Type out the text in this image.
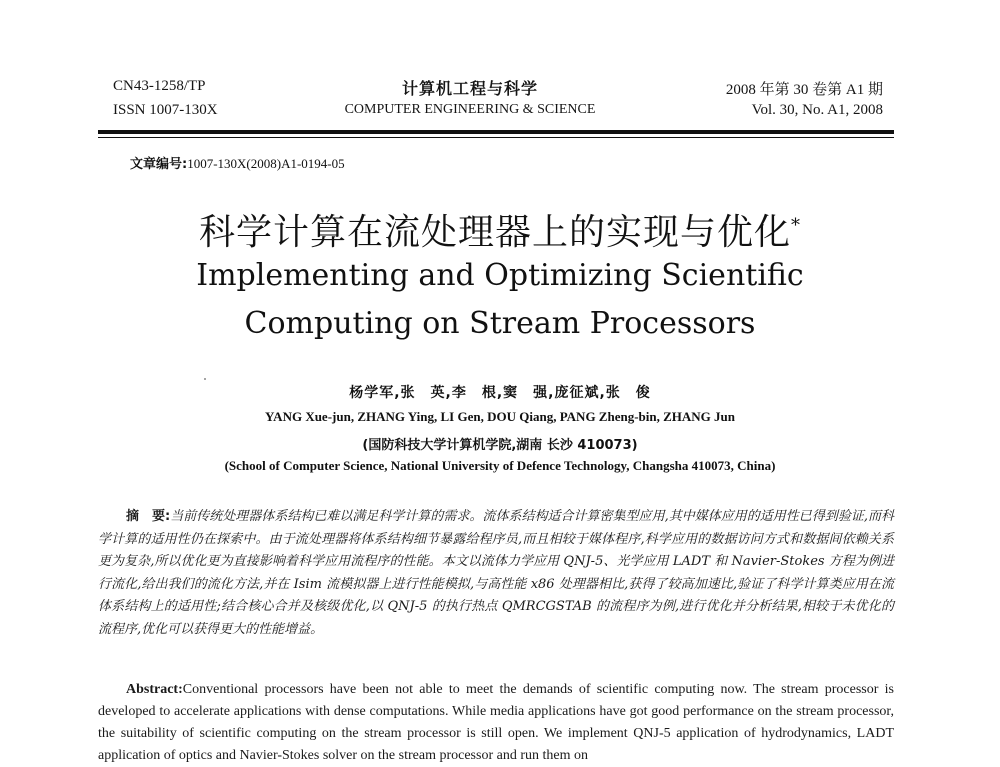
CN43-1258/TP
ISSN 1007-130X
计算机工程与科学
COMPUTER ENGINEERING & SCIENCE
2008 年第 30 卷第 A1 期
Vol. 30, No. A1, 2008
文章编号:1007-130X(2008)A1-0194-05
科学计算在流处理器上的实现与优化*
Implementing and Optimizing Scientific
Computing on Stream Processors
杨学军,张　英,李　根,窦　强,庞征斌,张　俊
YANG Xue-jun, ZHANG Ying, LI Gen, DOU Qiang, PANG Zheng-bin, ZHANG Jun
(国防科技大学计算机学院,湖南 长沙 410073)
(School of Computer Science, National University of Defence Technology, Changsha 410073, China)
摘　要:当前传统处理器体系结构已难以满足科学计算的需求。流体系结构适合计算密集型应用,其中媒体应用的适用性已得到验证,而科学计算的适用性仍在探索中。由于流处理器将体系结构细节暴露给程序员,而且相较于媒体程序,科学应用的数据访问方式和数据间依赖关系更为复杂,所以优化更为直接影响着科学应用流程序的性能。本文以流体力学应用 QNJ-5、光学应用 LADT 和 Navier-Stokes 方程为例进行流化,给出我们的流化方法,并在 Isim 流模拟器上进行性能模拟,与高性能 x86 处理器相比,获得了较高加速比,验证了科学计算类应用在流体系结构上的适用性;结合核心合并及核级优化,以 QNJ-5 的执行热点 QMRCGSTAB 的流程序为例,进行优化并分析结果,相较于未优化的流程序,优化可以获得更大的性能增益。
Abstract:Conventional processors have been not able to meet the demands of scientific computing now. The stream processor is developed to accelerate applications with dense computations. While media applications have got good performance on the stream processor, the suitability of scientific computing on the stream processor is still open. We implement QNJ-5 application of hydrodynamics, LADT application of optics and Navier-Stokes solver on the stream processor and run them on
